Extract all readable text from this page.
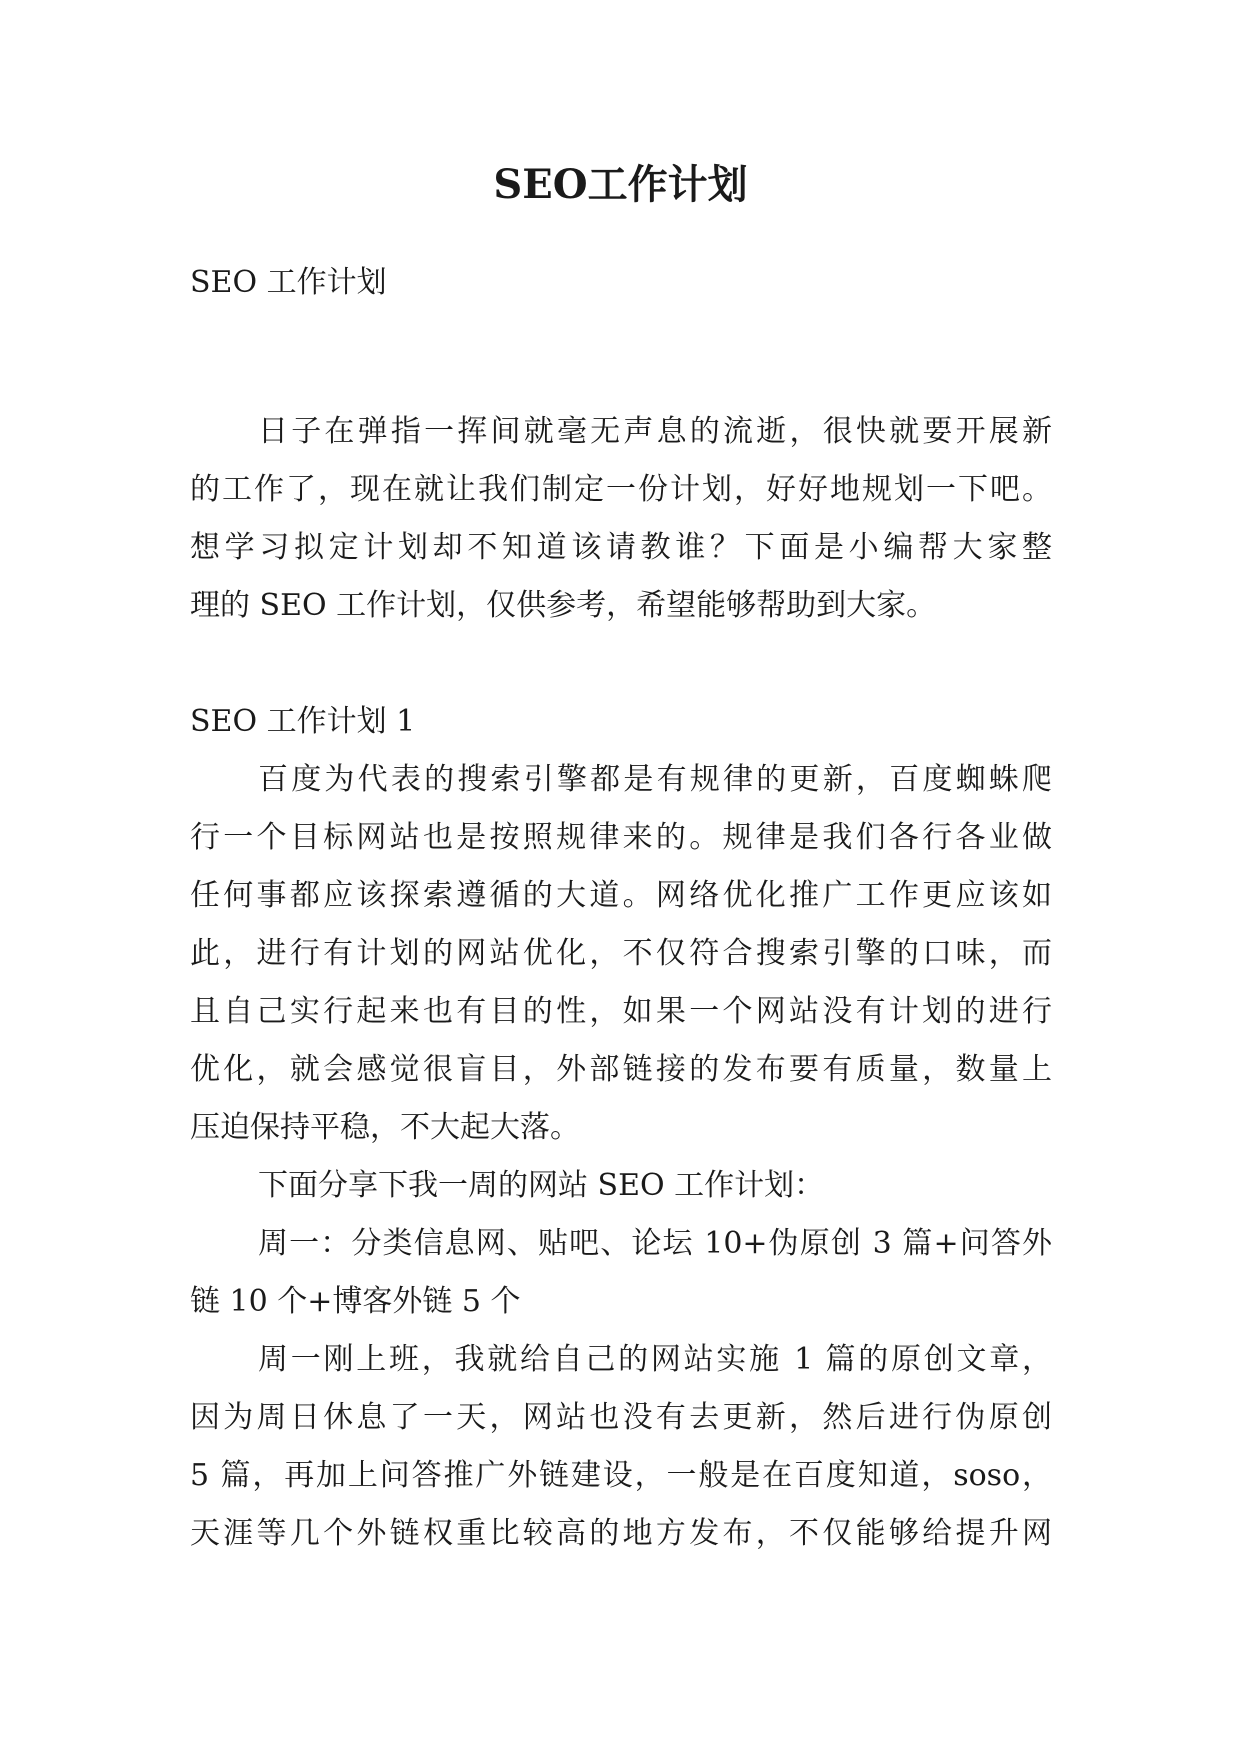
SEO工作计划
SEO 工作计划
日子在弹指一挥间就毫无声息的流逝，很快就要开展新
的工作了，现在就让我们制定一份计划，好好地规划一下吧。
想学习拟定计划却不知道该请教谁？下面是小编帮大家整
理的 SEO 工作计划，仅供参考，希望能够帮助到大家。
SEO 工作计划 1
百度为代表的搜索引擎都是有规律的更新，百度蜘蛛爬
行一个目标网站也是按照规律来的。规律是我们各行各业做
任何事都应该探索遵循的大道。网络优化推广工作更应该如
此，进行有计划的网站优化，不仅符合搜索引擎的口味，而
且自己实行起来也有目的性，如果一个网站没有计划的进行
优化，就会感觉很盲目，外部链接的发布要有质量，数量上
压迫保持平稳，不大起大落。
下面分享下我一周的网站 SEO 工作计划：
周一：分类信息网、贴吧、论坛 10+伪原创 3 篇+问答外
链 10 个+博客外链 5 个
周一刚上班，我就给自己的网站实施 1 篇的原创文章，
因为周日休息了一天，网站也没有去更新，然后进行伪原创
5 篇，再加上问答推广外链建设，一般是在百度知道，soso，
天涯等几个外链权重比较高的地方发布，不仅能够给提升网
